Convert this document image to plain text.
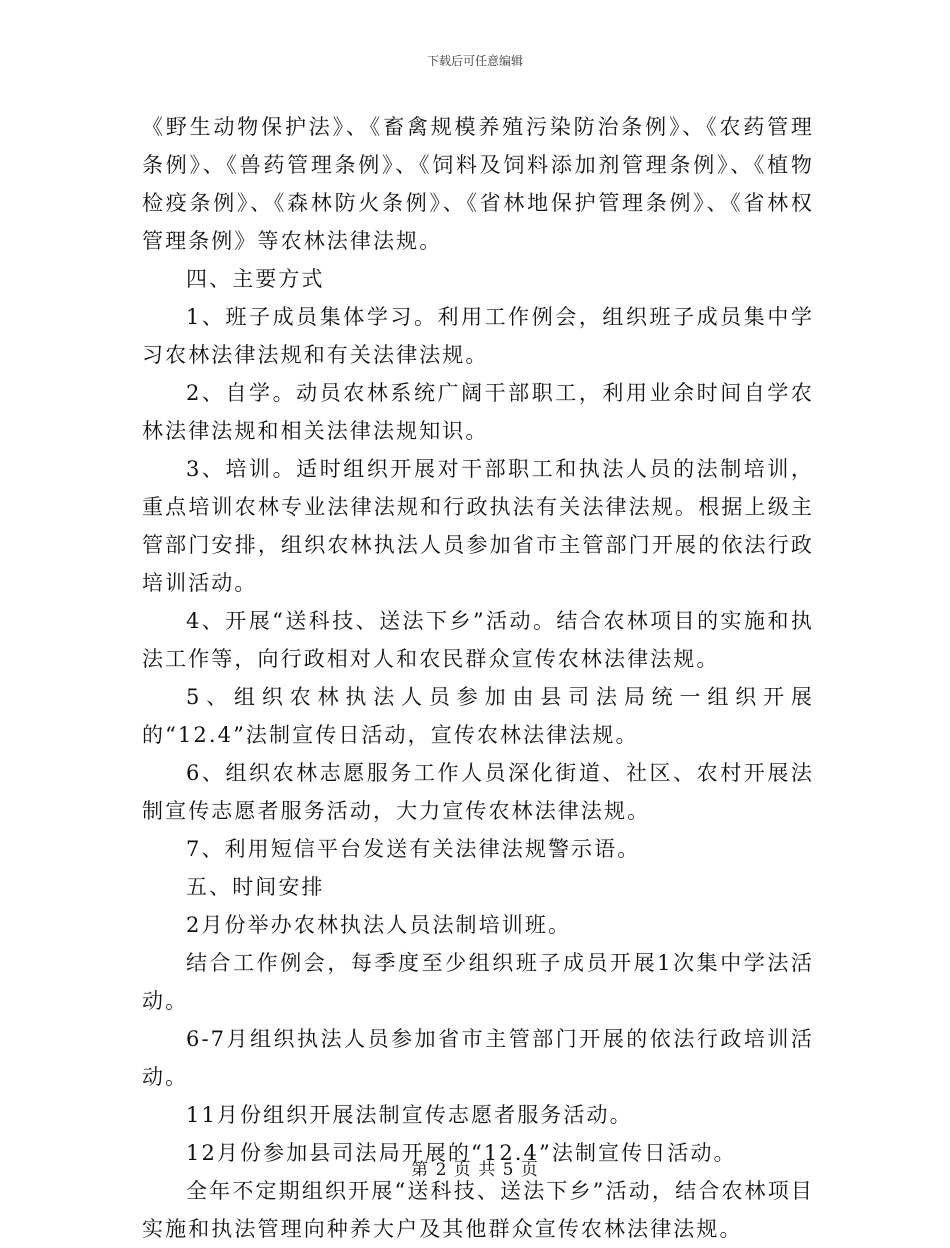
下载后可任意编辑

《野生动物保护法》、《畜禽规模养殖污染防治条例》、《农药管理条例》、《兽药管理条例》、《饲料及饲料添加剂管理条例》、《植物检疫条例》、《森林防火条例》、《省林地保护管理条例》、《省林权管理条例》等农林法律法规。

四、主要方式

1、班子成员集体学习。利用工作例会，组织班子成员集中学习农林法律法规和有关法律法规。

2、自学。动员农林系统广阔干部职工，利用业余时间自学农林法律法规和相关法律法规知识。

3、培训。适时组织开展对干部职工和执法人员的法制培训，重点培训农林专业法律法规和行政执法有关法律法规。根据上级主管部门安排，组织农林执法人员参加省市主管部门开展的依法行政培训活动。

4、开展“送科技、送法下乡”活动。结合农林项目的实施和执法工作等，向行政相对人和农民群众宣传农林法律法规。

5、组织农林执法人员参加由县司法局统一组织开展的“12.4”法制宣传日活动，宣传农林法律法规。

6、组织农林志愿服务工作人员深化街道、社区、农村开展法制宣传志愿者服务活动，大力宣传农林法律法规。

7、利用短信平台发送有关法律法规警示语。

五、时间安排

2月份举办农林执法人员法制培训班。

结合工作例会，每季度至少组织班子成员开展1次集中学法活动。

6-7月组织执法人员参加省市主管部门开展的依法行政培训活动。

11月份组织开展法制宣传志愿者服务活动。

12月份参加县司法局开展的“12.4”法制宣传日活动。

全年不定期组织开展“送科技、送法下乡”活动，结合农林项目实施和执法管理向种养大户及其他群众宣传农林法律法规。

第 2 页 共 5 页
